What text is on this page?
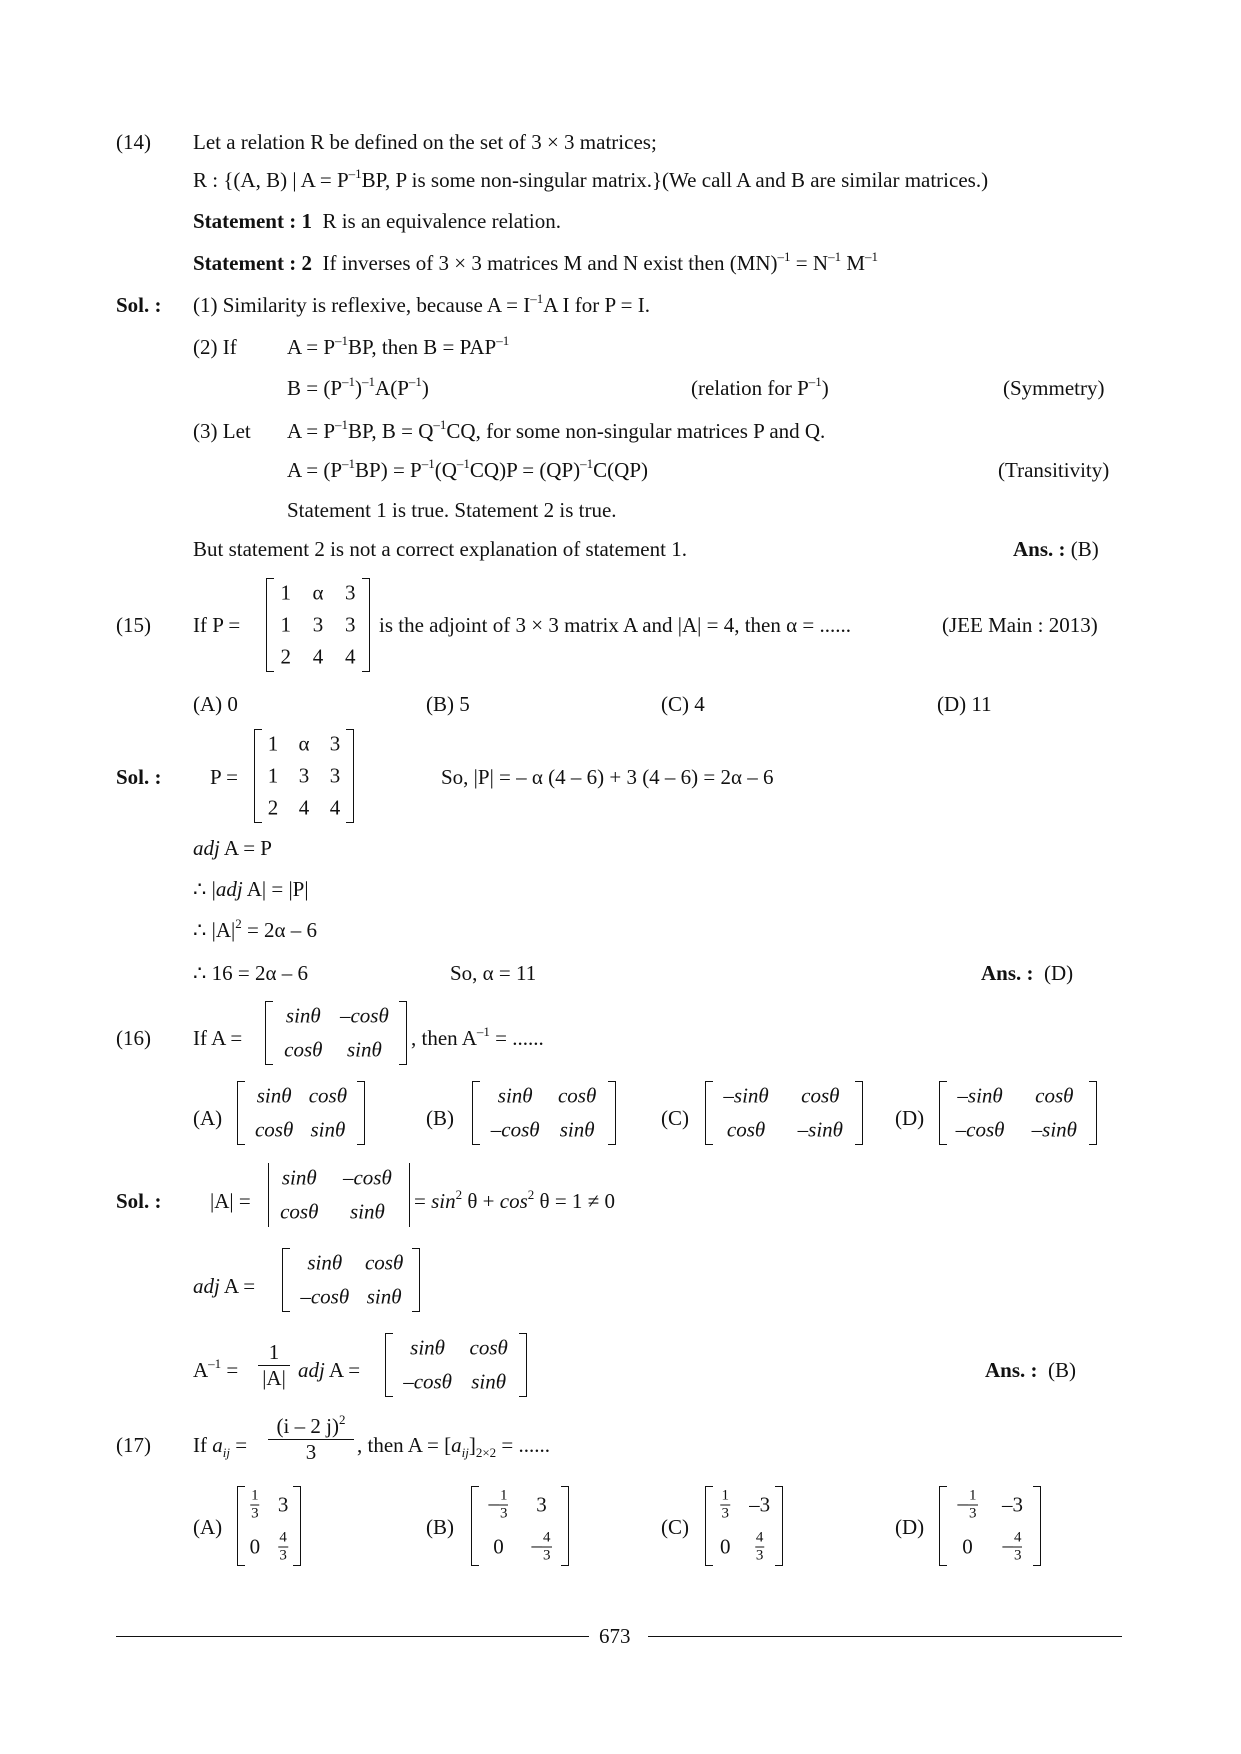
(14) Let a relation R be defined on the set of 3 × 3 matrices;
R : {(A, B) | $A = P^{-1}BP$, P is some non-singular matrix.}(We call A and B are similar matrices.)
Statement : 1 R is an equivalence relation.
Statement : 2  If inverses of 3 × 3 matrices M and N exist then $(MN)^{-1} = N^{-1}$ $M^{-1}$
Sol. : (1) Similarity is reflexive, because $A = I^{-1}A$ I for P = I.
(2) If $A = P^{-1}BP$, then $B = PAP^{-1}$
$B = (P^{-1})^{-1}A(P^{-1})$	(relation for $P^{-1}$)	(Symmetry)
(3) Let $A = P^{-1}BP$, $B = Q^{-1}CQ$, for some non-singular matrices P and Q.
$A = (P^{-1}BP) = P^{-1}(Q^{-1}CQ)P = (QP)^{-1}C(QP)$	(Transitivity)
Statement 1 is true. Statement 2 is true.
But statement 2 is not a correct explanation of statement 1.	Ans. : (B)
(15) If P =
1 α 3
1 3 3
2 4 4
is the adjoint of 3 × 3 matrix A and |A| = 4, then α = ......	(JEE Main : 2013)
(A) 0	(B) 5	(C) 4	(D) 11
Sol. : P =
1 α 3
1 3 3
2 4 4
So, |P| = – α (4 – 6) + 3 (4 – 6) = 2α – 6
adj A = P
∴ |adj A| = |P|
∴ $|A|^2 = 2\alpha - 6$
∴ 16 = 2α – 6	So, α = 11	Ans. : (D)
(16) If A =
sinθ –cosθ
cosθ sinθ , then $A^{-1}$ = ......
(A)
sinθ cosθ
cosθ sinθ	(B)
sinθ cosθ
–cosθ sinθ	(C)
–sinθ cosθ
cosθ –sinθ (D)
–sinθ cosθ
–cosθ –sinθ
Sol. : |A| =
sinθ –cosθ
cosθ $\sin\theta = \sin^2 \theta + \cos^2 \theta = 1 \ne 0$
adj A =
sinθ cosθ
–cosθ sinθ
$A^{-1} = \frac{1}{|A|}$ adj A =
sinθ cosθ
–cosθ sinθ	Ans. : (B)
(17) If $a_{ij} = \frac{(i - 2 j)^2}{3}$ , then $A = [a_{ij}]_{2\times 2}$ = ......
(A)
$\frac{1}{3} 3$
$0 \frac{4}{3}$
(B)
– $\frac{1}{3} 3$
$0 - \frac{4}{3}$
(C)
$\frac{1}{3} -3$
$0 \frac{4}{3}$
(D)
– $\frac{1}{3} -3$
$0 - \frac{4}{3}$
673
